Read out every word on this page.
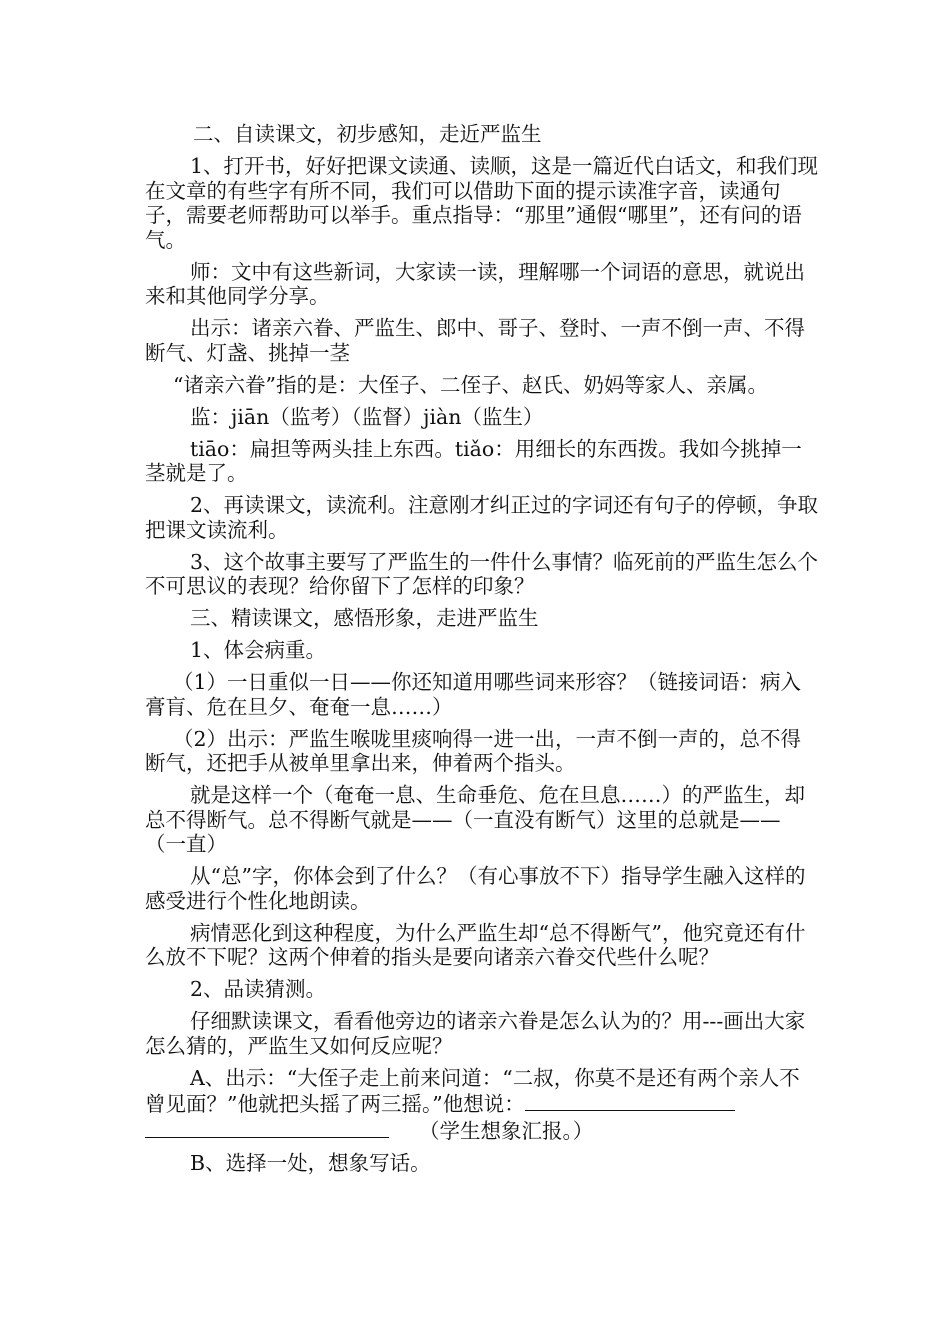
二、自读课文，初步感知，走近严监生

1、打开书，好好把课文读通、读顺，这是一篇近代白话文，和我们现在文章的有些字有所不同，我们可以借助下面的提示读准字音，读通句子，需要老师帮助可以举手。重点指导：“那里”通假“哪里”，还有问的语气。

师：文中有这些新词，大家读一读，理解哪一个词语的意思，就说出来和其他同学分享。

出示：诸亲六眷、严监生、郎中、哥子、登时、一声不倒一声、不得断气、灯盏、挑掉一茎

“诸亲六眷”指的是：大侄子、二侄子、赵氏、奶妈等家人、亲属。

监：jiān（监考）（监督）jiàn（监生）

tiāo：扁担等两头挂上东西。tiǎo：用细长的东西拨。我如今挑掉一茎就是了。

2、再读课文，读流利。注意刚才纠正过的字词还有句子的停顿，争取把课文读流利。

3、这个故事主要写了严监生的一件什么事情？临死前的严监生怎么个不可思议的表现？给你留下了怎样的印象？

三、精读课文，感悟形象，走进严监生

1、体会病重。

（1）一日重似一日——你还知道用哪些词来形容？（链接词语：病入膏肓、危在旦夕、奄奄一息……）

（2）出示：严监生喉咙里痰响得一进一出，一声不倒一声的，总不得断气，还把手从被单里拿出来，伸着两个指头。

就是这样一个（奄奄一息、生命垂危、危在旦息……）的严监生，却总不得断气。总不得断气就是——（一直没有断气）这里的总就是——（一直）

从“总”字，你体会到了什么？（有心事放不下）指导学生融入这样的感受进行个性化地朗读。

病情恶化到这种程度，为什么严监生却“总不得断气”，他究竟还有什么放不下呢？这两个伸着的指头是要向诸亲六眷交代些什么呢？

2、品读猜测。

仔细默读课文，看看他旁边的诸亲六眷是怎么认为的？用---画出大家怎么猜的，严监生又如何反应呢？

A、出示：“大侄子走上前来问道：“二叔，你莫不是还有两个亲人不曾见面？”他就把头摇了两三摇。”他想说：（学生想象汇报。）

B、选择一处，想象写话。
